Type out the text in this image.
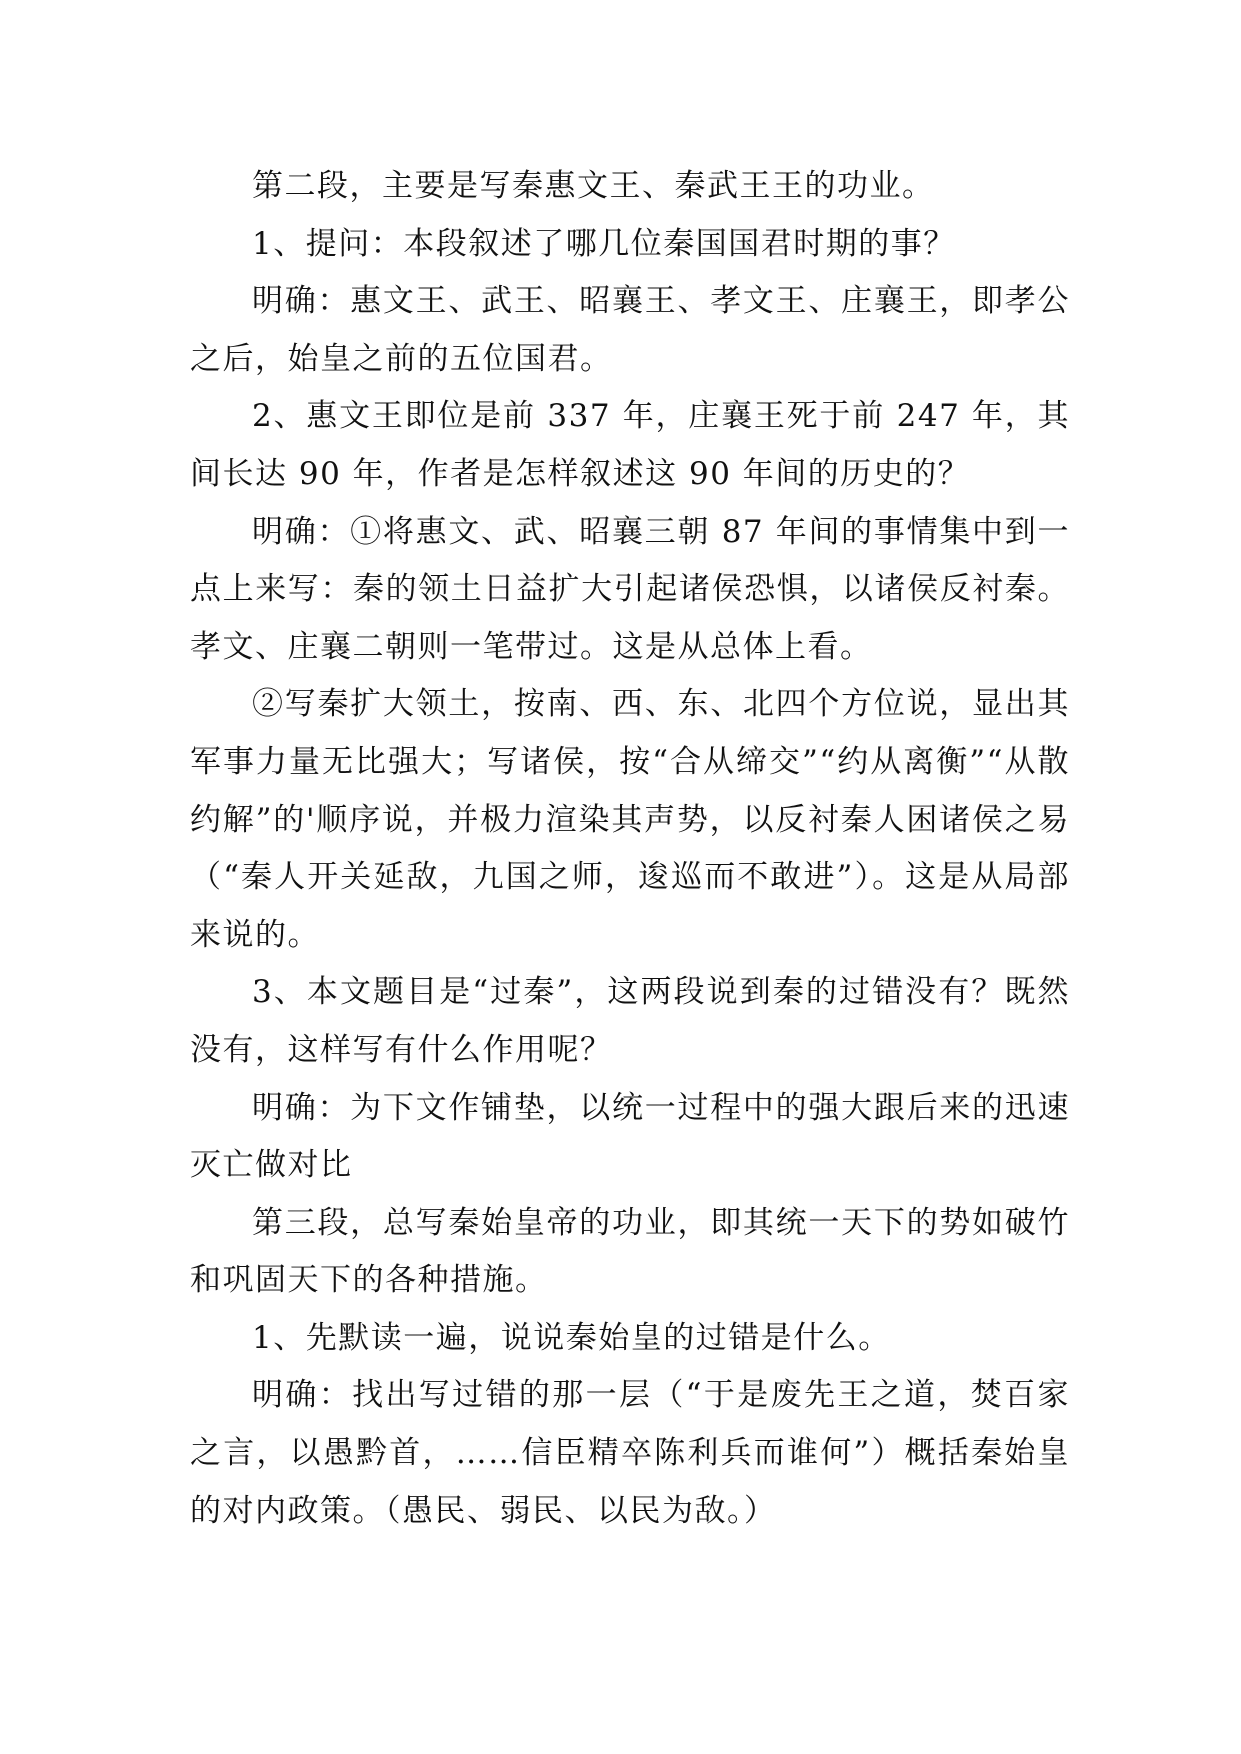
第二段，主要是写秦惠文王、秦武王王的功业。

1、提问：本段叙述了哪几位秦国国君时期的事？

明确：惠文王、武王、昭襄王、孝文王、庄襄王，即孝公之后，始皇之前的五位国君。

2、惠文王即位是前 337 年，庄襄王死于前 247 年，其间长达 90 年，作者是怎样叙述这 90 年间的历史的？

明确：①将惠文、武、昭襄三朝 87 年间的事情集中到一点上来写：秦的领土日益扩大引起诸侯恐惧，以诸侯反衬秦。孝文、庄襄二朝则一笔带过。这是从总体上看。

②写秦扩大领土，按南、西、东、北四个方位说，显出其军事力量无比强大；写诸侯，按“合从缔交”“约从离衡”“从散约解”的'顺序说，并极力渲染其声势，以反衬秦人困诸侯之易（“秦人开关延敌，九国之师，逡巡而不敢进”）。这是从局部来说的。

3、本文题目是“过秦”，这两段说到秦的过错没有？既然没有，这样写有什么作用呢？

明确：为下文作铺垫，以统一过程中的强大跟后来的迅速灭亡做对比

第三段，总写秦始皇帝的功业，即其统一天下的势如破竹和巩固天下的各种措施。

1、先默读一遍，说说秦始皇的过错是什么。

明确：找出写过错的那一层（“于是废先王之道，焚百家之言，以愚黔首，……信臣精卒陈利兵而谁何”）概括秦始皇的对内政策。（愚民、弱民、以民为敌。）
